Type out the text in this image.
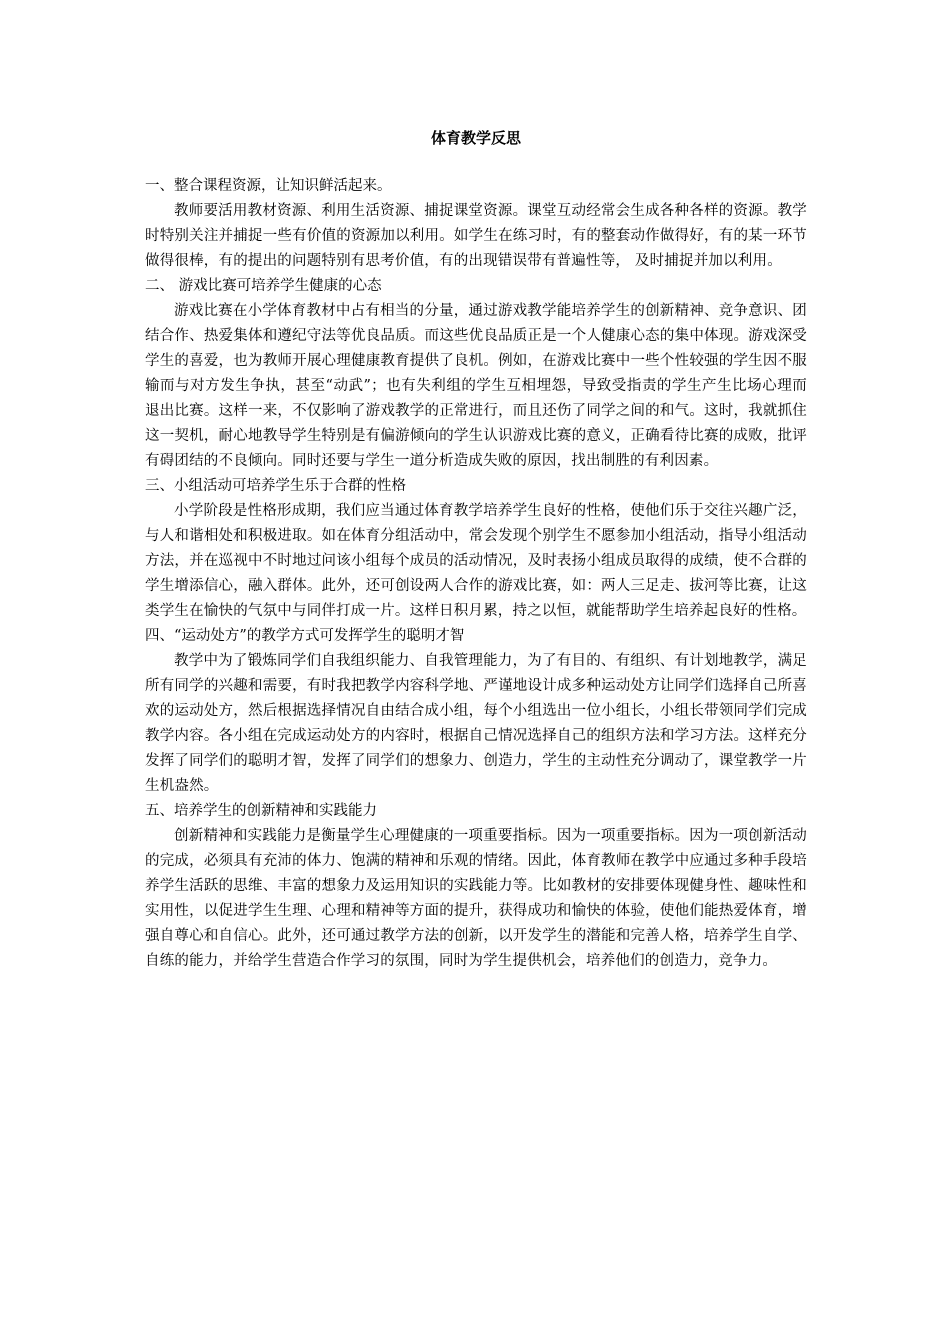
体育教学反思

一、整合课程资源，让知识鲜活起来。

教师要活用教材资源、利用生活资源、捕捉课堂资源。课堂互动经常会生成各种各样的资源。教学时特别关注并捕捉一些有价值的资源加以利用。如学生在练习时，有的整套动作做得好，有的某一环节做得很棒，有的提出的问题特别有思考价值，有的出现错误带有普遍性等， 及时捕捉并加以利用。

二、 游戏比赛可培养学生健康的心态

游戏比赛在小学体育教材中占有相当的分量，通过游戏教学能培养学生的创新精神、竞争意识、团结合作、热爱集体和遵纪守法等优良品质。而这些优良品质正是一个人健康心态的集中体现。游戏深受学生的喜爱，也为教师开展心理健康教育提供了良机。例如，在游戏比赛中一些个性较强的学生因不服输而与对方发生争执，甚至“动武”；也有失利组的学生互相埋怨，导致受指责的学生产生比场心理而退出比赛。这样一来，不仅影响了游戏教学的正常进行，而且还伤了同学之间的和气。这时，我就抓住这一契机，耐心地教导学生特别是有偏游倾向的学生认识游戏比赛的意义，正确看待比赛的成败，批评有碍团结的不良倾向。同时还要与学生一道分析造成失败的原因，找出制胜的有利因素。

三、小组活动可培养学生乐于合群的性格

小学阶段是性格形成期，我们应当通过体育教学培养学生良好的性格，使他们乐于交往兴趣广泛，与人和谐相处和积极进取。如在体育分组活动中，常会发现个别学生不愿参加小组活动，指导小组活动方法，并在巡视中不时地过问该小组每个成员的活动情况，及时表扬小组成员取得的成绩，使不合群的学生增添信心，融入群体。此外，还可创设两人合作的游戏比赛，如：两人三足走、拔河等比赛，让这类学生在愉快的气氛中与同伴打成一片。这样日积月累，持之以恒，就能帮助学生培养起良好的性格。

四、“运动处方”的教学方式可发挥学生的聪明才智

教学中为了锻炼同学们自我组织能力、自我管理能力，为了有目的、有组织、有计划地教学，满足所有同学的兴趣和需要，有时我把教学内容科学地、严谨地设计成多种运动处方让同学们选择自己所喜欢的运动处方，然后根据选择情况自由结合成小组，每个小组选出一位小组长，小组长带领同学们完成教学内容。各小组在完成运动处方的内容时，根据自己情况选择自己的组织方法和学习方法。这样充分发挥了同学们的聪明才智，发挥了同学们的想象力、创造力，学生的主动性充分调动了，课堂教学一片生机盎然。

五、培养学生的创新精神和实践能力

创新精神和实践能力是衡量学生心理健康的一项重要指标。因为一项重要指标。因为一项创新活动的完成，必须具有充沛的体力、饱满的精神和乐观的情绪。因此，体育教师在教学中应通过多种手段培养学生活跃的思维、丰富的想象力及运用知识的实践能力等。比如教材的安排要体现健身性、趣味性和实用性，以促进学生生理、心理和精神等方面的提升，获得成功和愉快的体验，使他们能热爱体育，增强自尊心和自信心。此外，还可通过教学方法的创新，以开发学生的潜能和完善人格，培养学生自学、自练的能力，并给学生营造合作学习的氛围，同时为学生提供机会，培养他们的创造力，竞争力。
